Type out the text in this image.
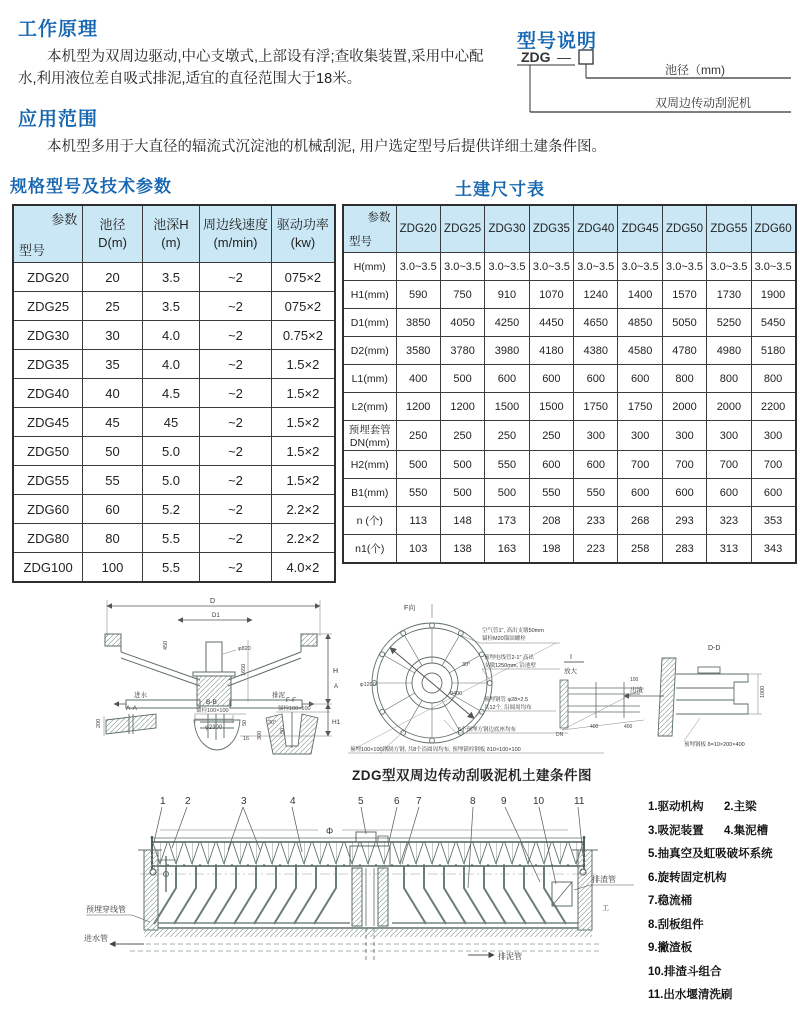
工作原理

本机型为双周边驱动,中心支墩式,上部设有浮;查收集装置,采用中心配水,利用液位差自吸式排泥,适宜的直径范围大于18米。

型号说明
ZDG —
池径（mm)
双周边传动刮泥机
应用范围

本机型多用于大直径的辐流式沉淀池的机械刮泥, 用户选定型号后提供详细土建条件图。

规格型号及技术参数	土建尺寸表
参数
型号

池径
D(m)

池深H
(m)

周边线速度
(m/min)

驱动功率
(kw)

ZDG20	20	3.5	~2	075×2
ZDG25	25	3.5	~2	075×2
ZDG30	30	4.0	~2	0.75×2
ZDG35	35	4.0	~2	1.5×2
ZDG40	40	4.5	~2	1.5×2
ZDG45	45	45	~2	1.5×2
ZDG50	50	5.0	~2	1.5×2
ZDG55	55	5.0	~2	1.5×2
ZDG60	60	5.2	~2	2.2×2
ZDG80	80	5.5	~2	2.2×2
ZDG100	100	5.5	~2	4.0×2
参数
型号	ZDG20	ZDG25	ZDG30	ZDG35	ZDG40	ZDG45	ZDG50	ZDG55	ZDG60
H(mm)	3.0~3.5	3.0~3.5	3.0~3.5	3.0~3.5	3.0~3.5	3.0~3.5	3.0~3.5	3.0~3.5	3.0~3.5
H1(mm)	590	750	910	1070	1240	1400	1570	1730	1900
D1(mm)	3850	4050	4250	4450	4650	4850	5050	5250	5450
D2(mm)	3580	3780	3980	4180	4380	4580	4780	4980	5180
L1(mm)	400	500	600	600	600	600	800	800	800
L2(mm)	1200	1200	1500	1500	1750	1750	2000	2000	2200
预埋套管DN(mm)	250	250	250	250	300	300	300	300	300
H2(mm)	500	500	550	600	600	700	700	700	700
B1(mm)	550	500	500	550	550	600	600	600	600
n (个)	113	148	173	208	233	268	293	323	353
n1(个)	103	138	163	198	223	258	283	313	343
D
D1
450	φ820
1650
进水	排泥
φ2300
H
H1
A
A-A
200
B-B
锚栓100×100
50
16
F-F
锚栓100×100
30°
50
300
F向
φ1200
9400
30°
空气管1″, 高出支墩50mm
锚栓M20锚固螺栓
预埋电线管2-1″ 高出
支墩1250mm, 沿池壁
预埋钢管 φ28×2.5
共12个, 沿圆周均布
6个预埋方钢边底座均布
预埋100×100钢制方钢, 共8个沿圆周均布, 预埋锚栓钢板 δ10×100×100
I
放大
100
400	400
DN
D-D
出渣	1000
预埋钢板 δ=10×200×400
ZDG型双周边传动刮吸泥机土建条件图
1 2	3	4	5	6 7	8	9	10	11
Φ
预埋穿线管
进水管
排渣管
排泥管
工
1.驱动机构 2.主梁
3.吸泥装置 4.集泥槽
5.抽真空及虹吸破坏系统
6.旋转固定机构
7.稳流桶
8.刮板组件
9.撇渣板
10.排渣斗组合
11.出水堰清洗刷
